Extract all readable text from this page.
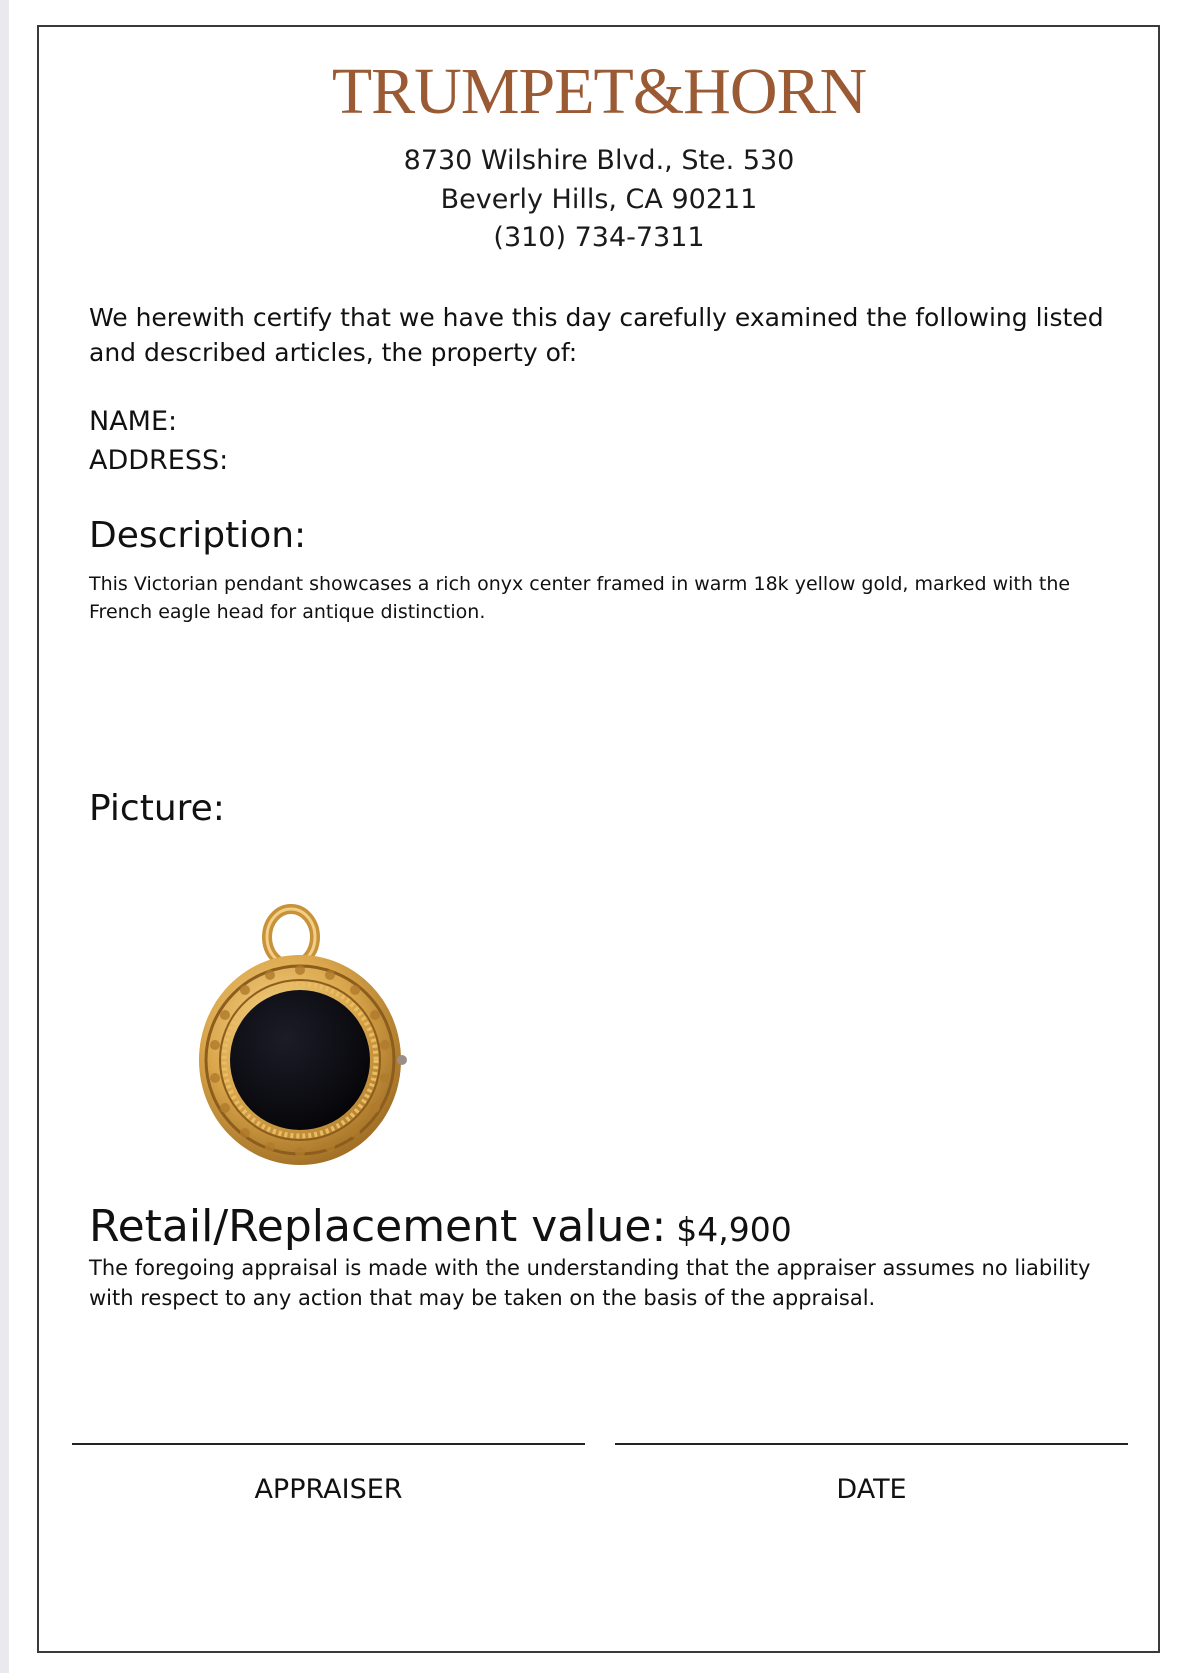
TRUMPET&HORN
8730 Wilshire Blvd., Ste. 530
Beverly Hills, CA 90211
(310) 734-7311

We herewith certify that we have this day carefully examined the following listed and described articles, the property of:

NAME:
ADDRESS:
Description:

This Victorian pendant showcases a rich onyx center framed in warm 18k yellow gold, marked with the French eagle head for antique distinction.

Picture:
Retail/Replacement value: $4,900

The foregoing appraisal is made with the understanding that the appraiser assumes no liability with respect to any action that may be taken on the basis of the appraisal.

APPRAISER	DATE
